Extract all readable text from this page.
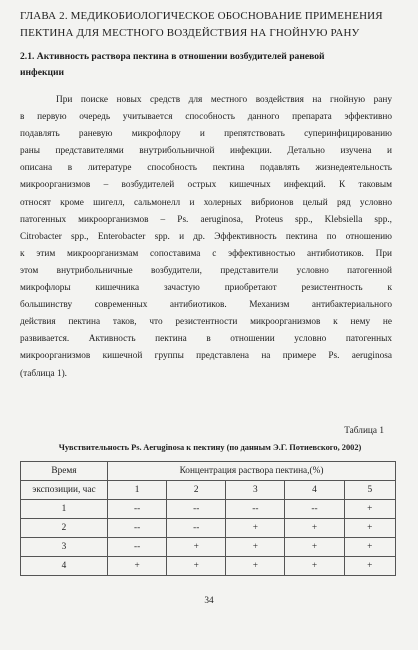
ГЛАВА 2. МЕДИКОБИОЛОГИЧЕСКОЕ ОБОСНОВАНИЕ ПРИМЕНЕНИЯ
ПЕКТИНА ДЛЯ МЕСТНОГО ВОЗДЕЙСТВИЯ НА ГНОЙНУЮ РАНУ
2.1. Активность раствора пектина в отношении возбудителей раневой
инфекции

При поиске новых средств для местного воздействия на гнойную рану
в первую очередь учитывается способность данного препарата эффективно
подавлять раневую микрофлору и препятствовать суперинфицированию
раны представителями внутрибольничной инфекции. Детально изучена и
описана в литературе способность пектина подавлять жизнедеятельность
микроорганизмов – возбудителей острых кишечных инфекций. К таковым
относят кроме шигелл, сальмонелл и холерных вибрионов целый ряд условно
патогенных микроорганизмов – Ps. aeruginosa, Proteus spp., Klebsiella spp.,
Citrobacter spp., Enterobacter spp. и др. Эффективность пектина по отношению
к этим микроорганизмам сопоставима с эффективностью антибиотиков. При
этом внутрибольничные возбудители, представители условно патогенной
микрофлоры кишечника зачастую приобретают резистентность к
большинству современных антибиотиков. Механизм антибактериального
действия пектина таков, что резистентности микроорганизмов к нему не
развивается. Активность пектина в отношении условно патогенных
микроорганизмов кишечной группы представлена на примере Ps. aeruginosa
(таблица 1).

Таблица 1
Чувствительность Ps. Aeruginosa к пектину (по данным Э.Г. Потиевского, 2002)
Время	Концентрация раствора пектина,(%)				
экспозиции, час	1	2	3	4	5
1	--	--	--	--	+
2	--	--	+	+	+
3	--	+	+	+	+
4	+	+	+	+	+
34
